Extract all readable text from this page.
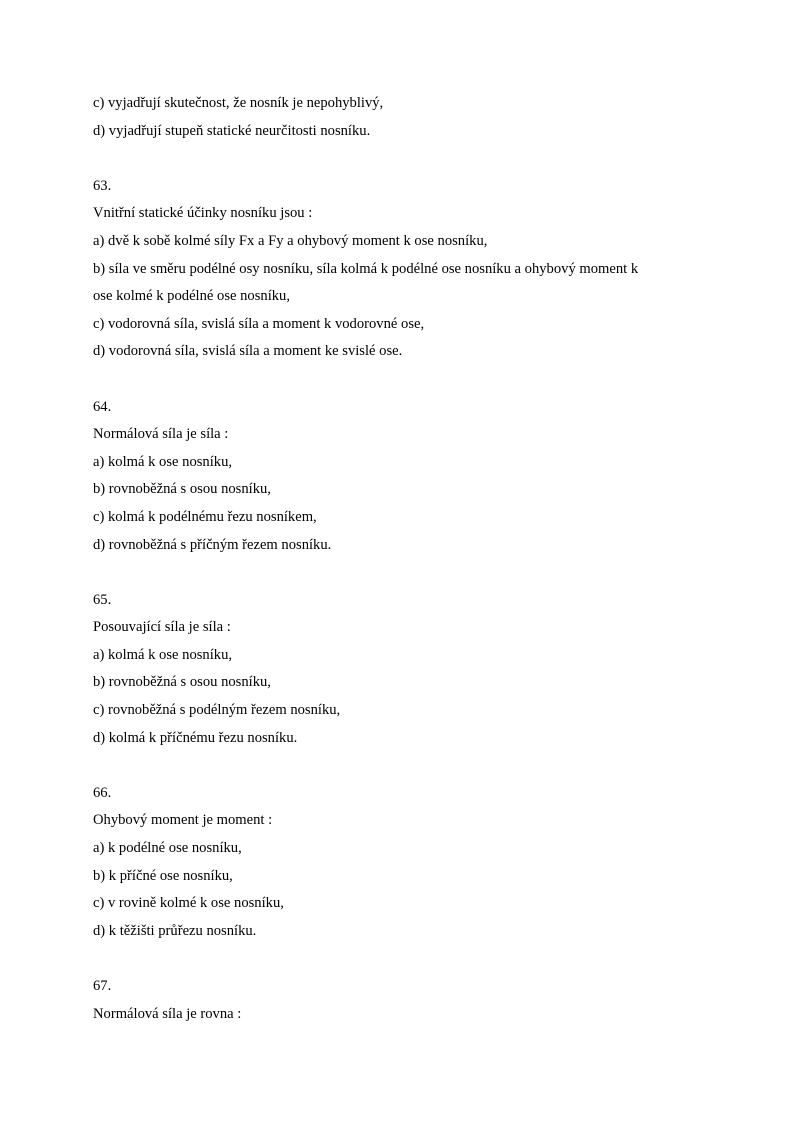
c) vyjadřují skutečnost, že nosník je nepohyblivý,
d) vyjadřují stupeň statické neurčitosti nosníku.
63.
Vnitřní statické účinky nosníku jsou :
a) dvě k sobě kolmé síly Fx a Fy a ohybový moment k ose nosníku,
b) síla ve směru podélné osy nosníku, síla kolmá k podélné ose nosníku a ohybový moment k
ose kolmé k podélné ose nosníku,
c) vodorovná síla, svislá síla a moment k vodorovné ose,
d) vodorovná síla, svislá síla a moment ke svislé ose.
64.
Normálová síla je síla :
a) kolmá k ose nosníku,
b) rovnoběžná s osou nosníku,
c) kolmá k podélnému řezu nosníkem,
d) rovnoběžná s příčným řezem nosníku.
65.
Posouvající síla je síla :
a) kolmá k ose nosníku,
b) rovnoběžná s osou nosníku,
c) rovnoběžná s podélným řezem nosníku,
d) kolmá k příčnému řezu nosníku.
66.
Ohybový moment je moment :
a) k podélné ose nosníku,
b) k příčné ose nosníku,
c) v rovině kolmé k ose nosníku,
d) k těžišti průřezu nosníku.
67.
Normálová síla je rovna :
